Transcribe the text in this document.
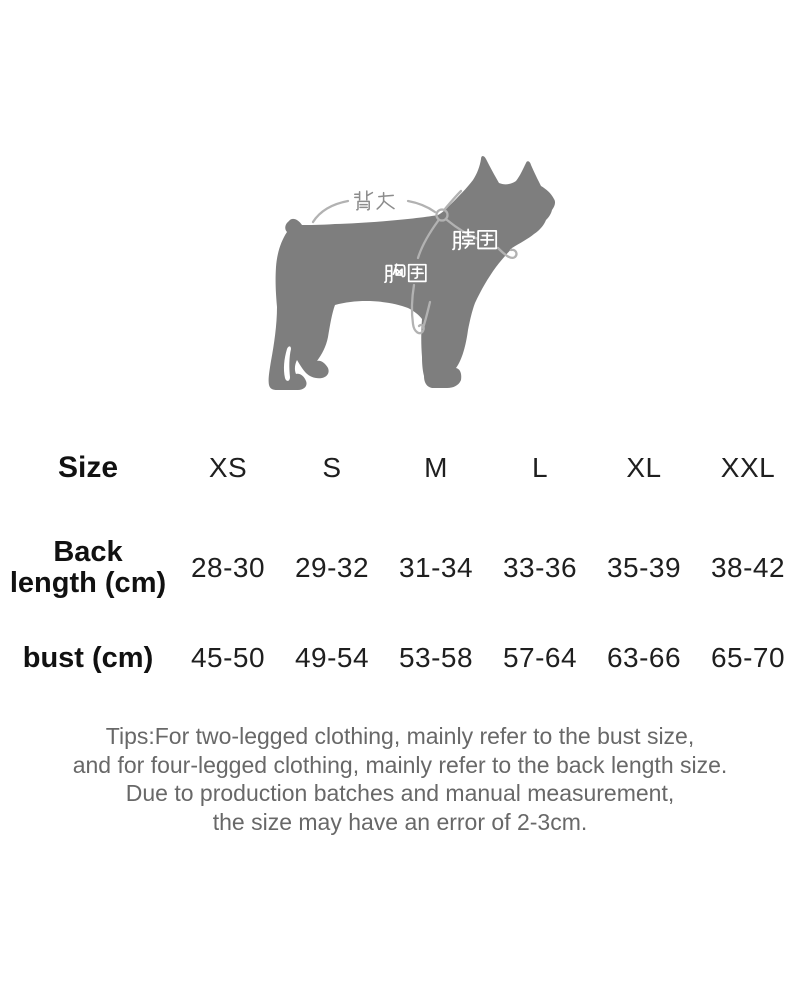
Size	XS	S	M	L	XL	XXL
Back
length (cm) 28-30	29-32	31-34	33-36	35-39	38-42
bust (cm)	45-50	49-54	53-58	57-64	63-66	65-70
Tips:For two-legged clothing, mainly refer to the bust size,
and for four-legged clothing, mainly refer to the back length size.
Due to production batches and manual measurement,
the size may have an error of 2-3cm.
